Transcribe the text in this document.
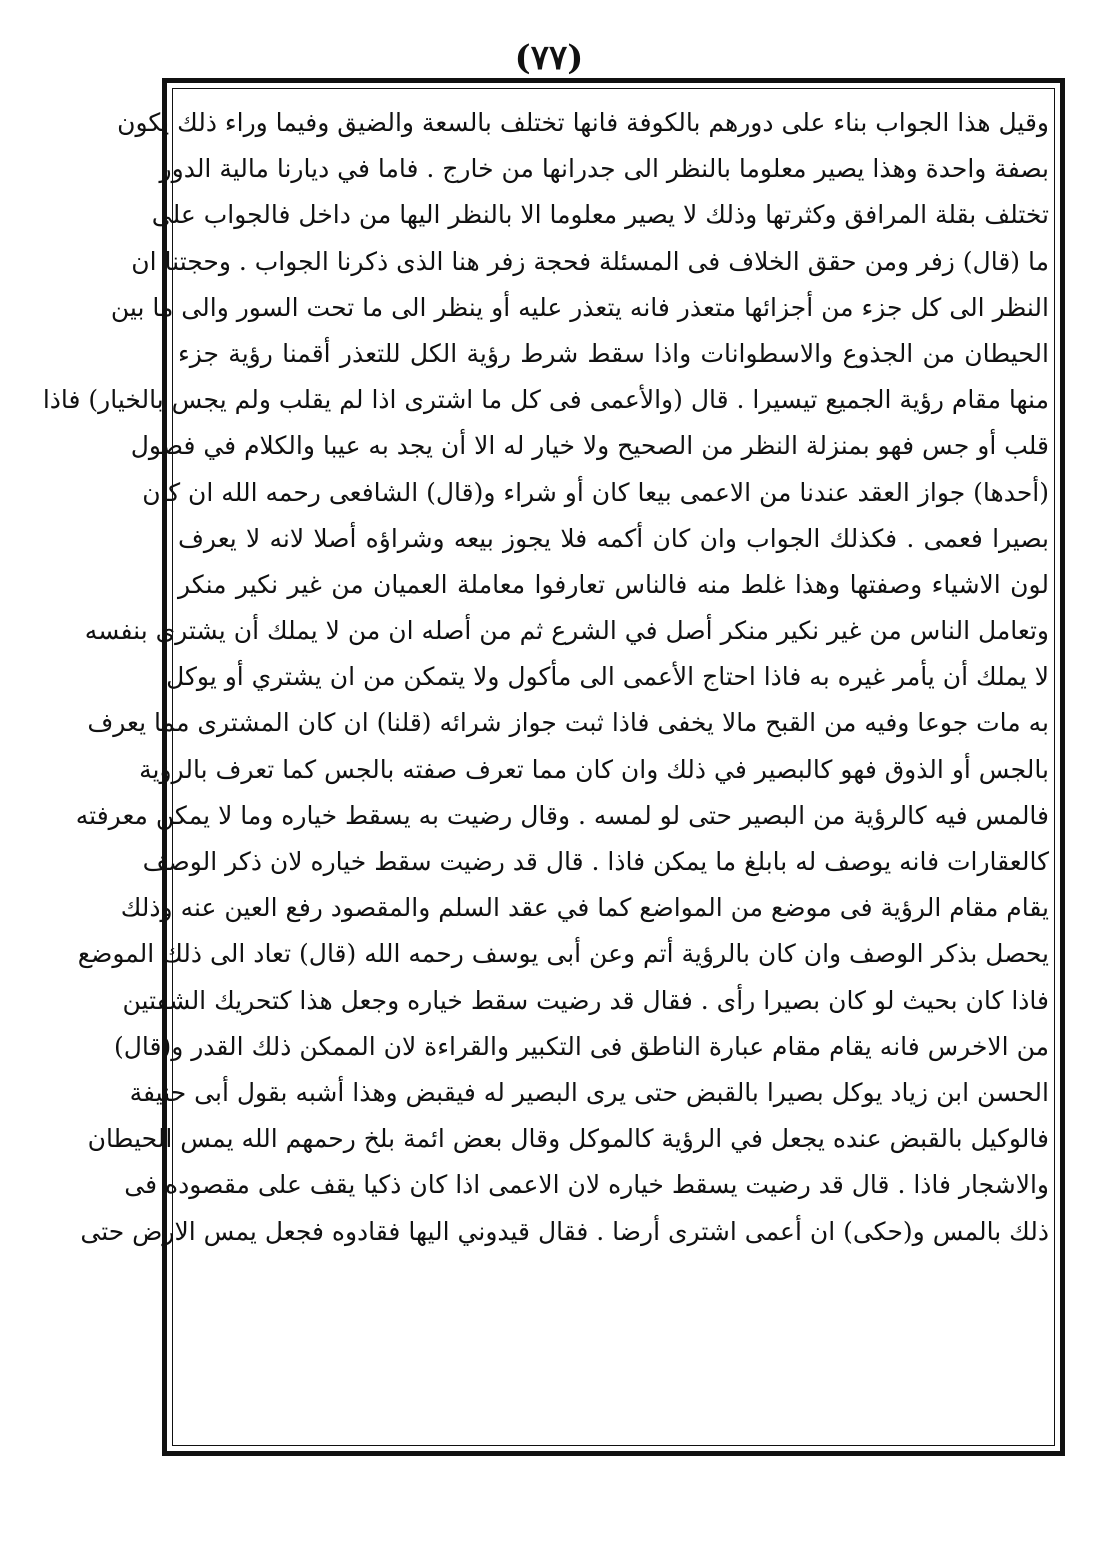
(٧٧)
وقيل هذا الجواب بناء على دورهم بالكوفة فانها تختلف بالسعة والضيق وفيما وراء ذلك يكون
بصفة واحدة وهذا يصير معلوما بالنظر الى جدرانها من خارج . فاما في ديارنا مالية الدور
تختلف بقلة المرافق وكثرتها وذلك لا يصير معلوما الا بالنظر اليها من داخل فالجواب على
ما (قال) زفر ومن حقق الخلاف فى المسئلة فحجة زفر هنا الذى ذكرنا الجواب . وحجتنا ان
النظر الى كل جزء من أجزائها متعذر فانه يتعذر عليه أو ينظر الى ما تحت السور والى ما بين
الحيطان من الجذوع والاسطوانات واذا سقط شرط رؤية الكل للتعذر أقمنا رؤية جزء
منها مقام رؤية الجميع تيسيرا . قال (والأعمى فى كل ما اشترى اذا لم يقلب ولم يجس بالخيار) فاذا
قلب أو جس فهو بمنزلة النظر من الصحيح ولا خيار له الا أن يجد به عيبا والكلام في فصول
(أحدها) جواز العقد عندنا من الاعمى بيعا كان أو شراء و(قال) الشافعى رحمه الله ان كان
بصيرا فعمى . فكذلك الجواب وان كان أكمه فلا يجوز بيعه وشراؤه أصلا لانه لا يعرف
لون الاشياء وصفتها وهذا غلط منه فالناس تعارفوا معاملة العميان من غير نكير منكر
وتعامل الناس من غير نكير منكر أصل في الشرع ثم من أصله ان من لا يملك أن يشترى بنفسه
لا يملك أن يأمر غيره به فاذا احتاج الأعمى الى مأكول ولا يتمكن من ان يشتري أو يوكل
به مات جوعا وفيه من القبح مالا يخفى فاذا ثبت جواز شرائه (قلنا) ان كان المشترى مما يعرف
بالجس أو الذوق فهو كالبصير في ذلك وان كان مما تعرف صفته بالجس كما تعرف بالرؤية
فالمس فيه كالرؤية من البصير حتى لو لمسه . وقال رضيت به يسقط خياره وما لا يمكن معرفته
كالعقارات فانه يوصف له بابلغ ما يمكن فاذا . قال قد رضيت سقط خياره لان ذكر الوصف
يقام مقام الرؤية فى موضع من المواضع كما في عقد السلم والمقصود رفع العين عنه وذلك
يحصل بذكر الوصف وان كان بالرؤية أتم وعن أبى يوسف رحمه الله (قال) تعاد الى ذلك الموضع
فاذا كان بحيث لو كان بصيرا رأى . فقال قد رضيت سقط خياره وجعل هذا كتحريك الشفتين
من الاخرس فانه يقام مقام عبارة الناطق فى التكبير والقراءة لان الممكن ذلك القدر و(قال)
الحسن ابن زياد يوكل بصيرا بالقبض حتى يرى البصير له فيقبض وهذا أشبه بقول أبى حنيفة
فالوكيل بالقبض عنده يجعل في الرؤية كالموكل وقال بعض ائمة بلخ رحمهم الله يمس الحيطان
والاشجار فاذا . قال قد رضيت يسقط خياره لان الاعمى اذا كان ذكيا يقف على مقصوده فى
ذلك بالمس و(حكى) ان أعمى اشترى أرضا . فقال قيدوني اليها فقادوه فجعل يمس الارض حتى
